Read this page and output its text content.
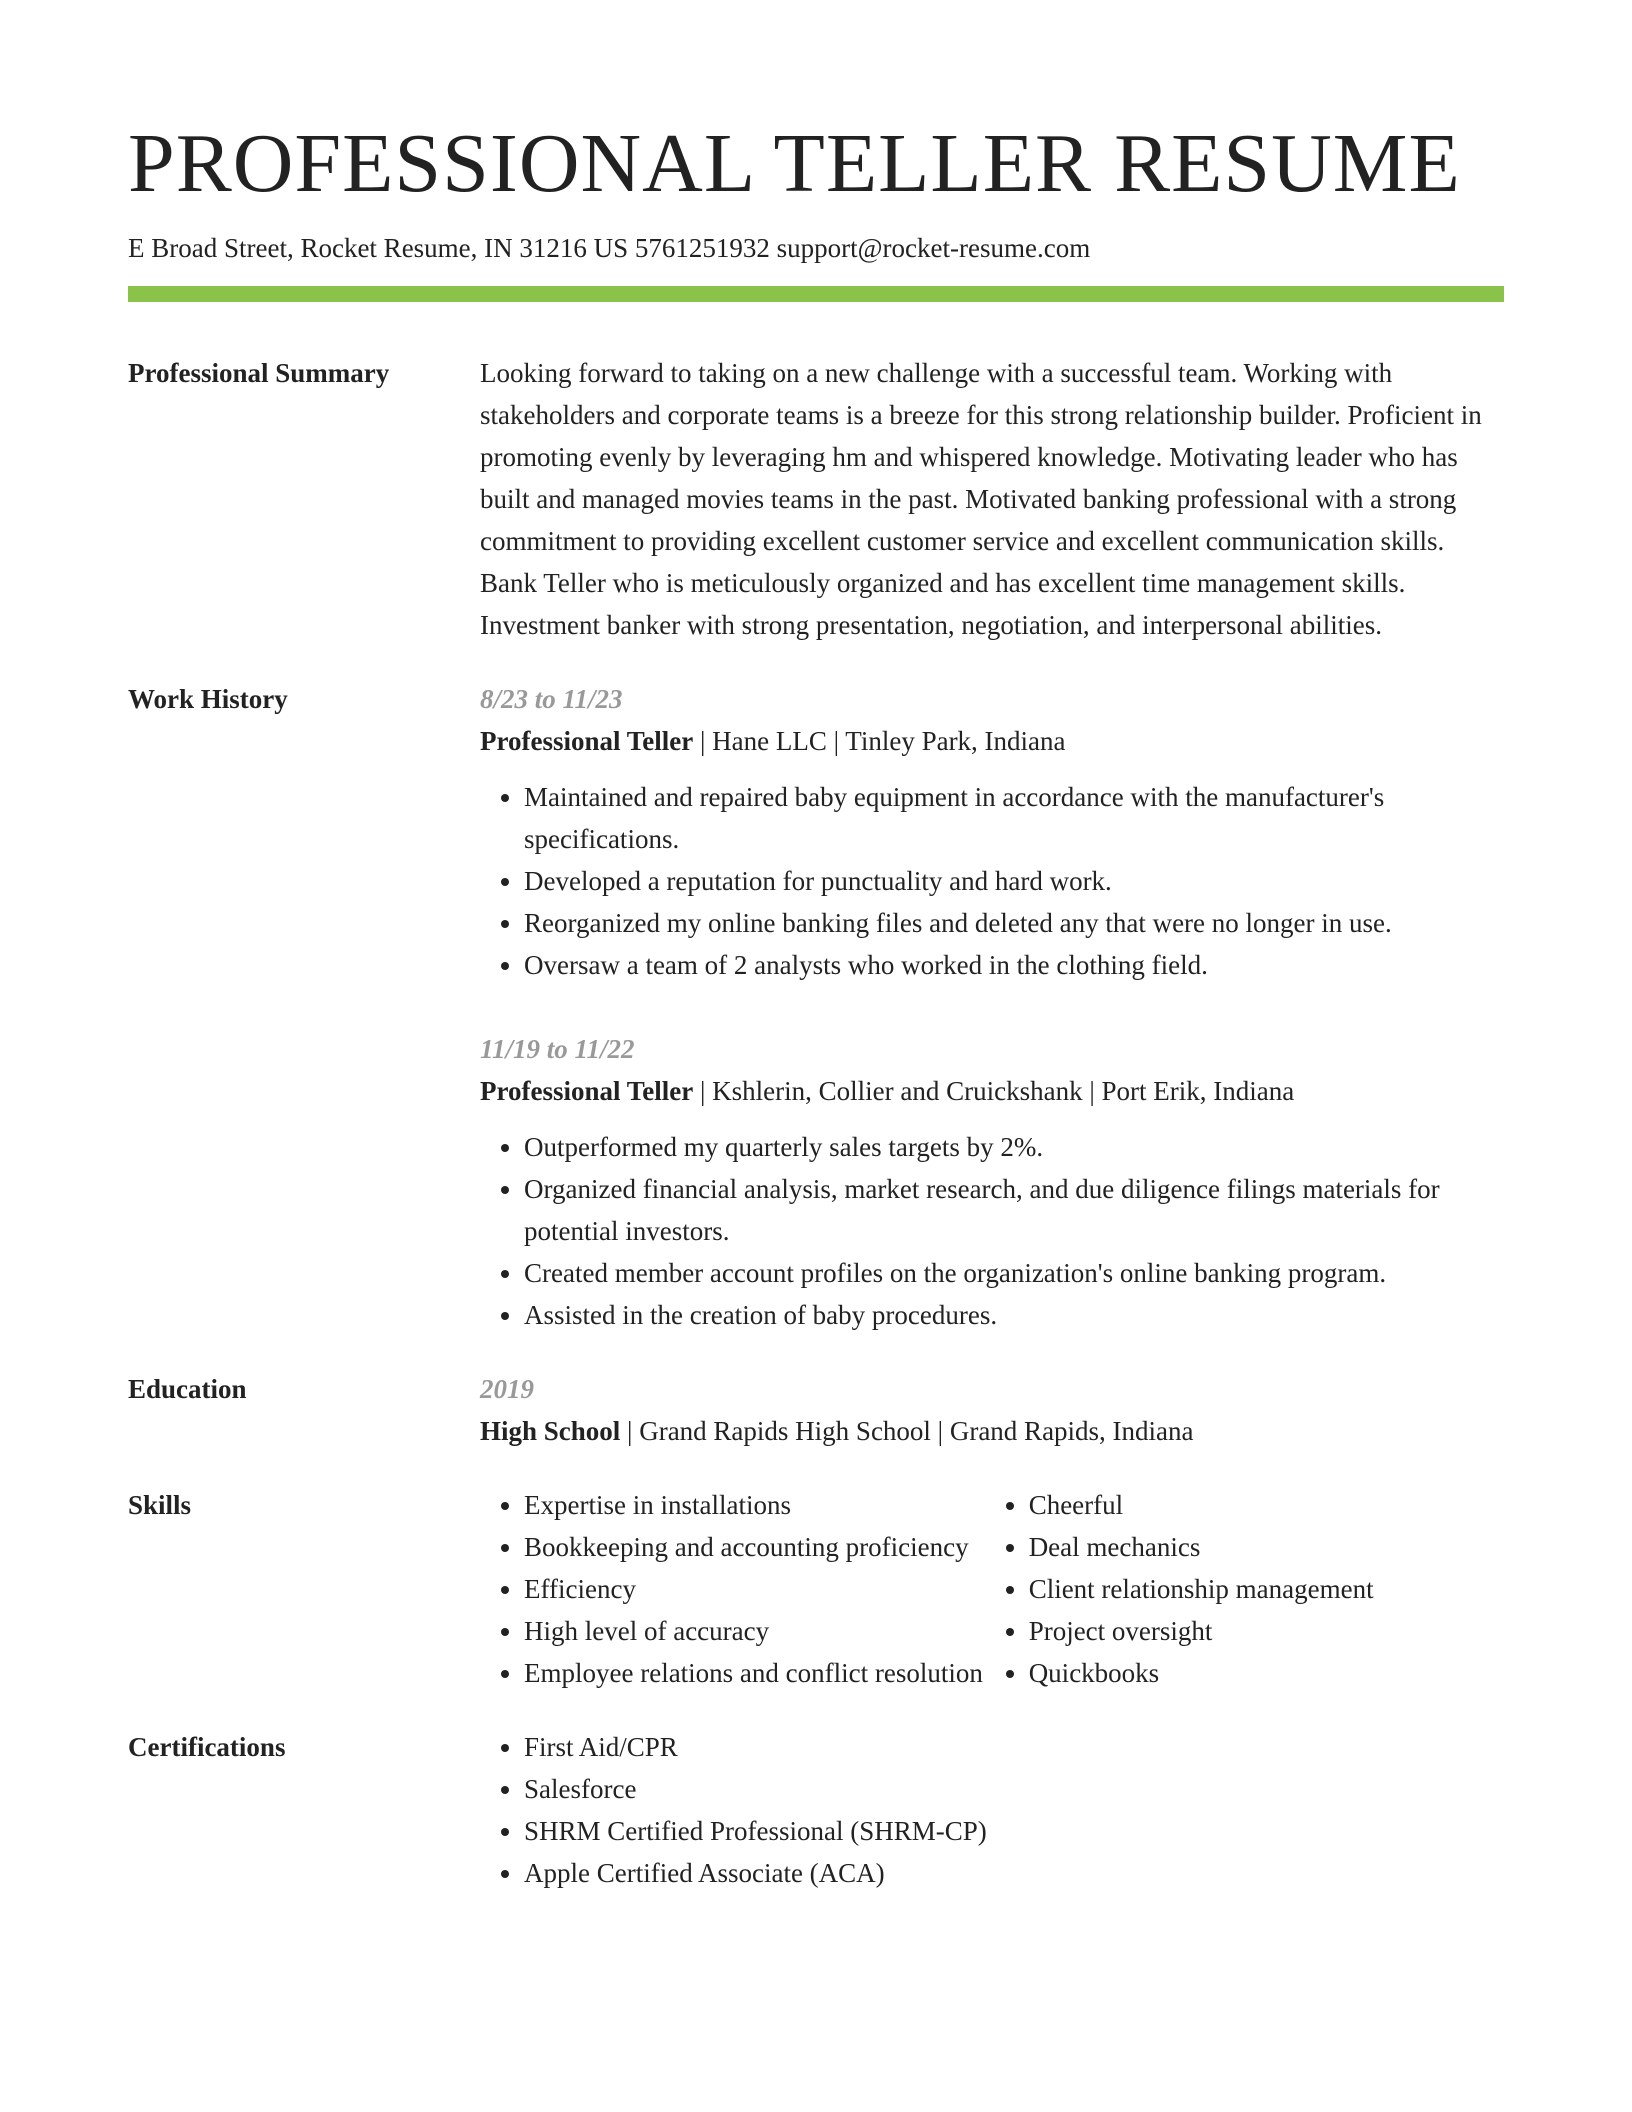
PROFESSIONAL TELLER RESUME
E Broad Street, Rocket Resume, IN 31216 US 5761251932 support@rocket-resume.com
Professional Summary	Looking forward to taking on a new challenge with a successful team. Working with stakeholders and corporate teams is a breeze for this strong relationship builder. Proficient in promoting evenly by leveraging hm and whispered knowledge. Motivating leader who has built and managed movies teams in the past. Motivated banking professional with a strong commitment to providing excellent customer service and excellent communication skills. Bank Teller who is meticulously organized and has excellent time management skills. Investment banker with strong presentation, negotiation, and interpersonal abilities.
Work History	8/23 to 11/23
Professional Teller | Hane LLC | Tinley Park, Indiana
• Maintained and repaired baby equipment in accordance with the manufacturer's specifications.
• Developed a reputation for punctuality and hard work.
• Reorganized my online banking files and deleted any that were no longer in use.
• Oversaw a team of 2 analysts who worked in the clothing field.
11/19 to 11/22
Professional Teller | Kshlerin, Collier and Cruickshank | Port Erik, Indiana
• Outperformed my quarterly sales targets by 2%.
• Organized financial analysis, market research, and due diligence filings materials for potential investors.
• Created member account profiles on the organization's online banking program.
• Assisted in the creation of baby procedures.
Education	2019
High School | Grand Rapids High School | Grand Rapids, Indiana
Skills	• Expertise in installations
• Bookkeeping and accounting proficiency
• Efficiency
• High level of accuracy
• Employee relations and conflict resolution
• Cheerful
• Deal mechanics
• Client relationship management
• Project oversight
• Quickbooks
Certifications	• First Aid/CPR
• Salesforce
• SHRM Certified Professional (SHRM-CP)
• Apple Certified Associate (ACA)
